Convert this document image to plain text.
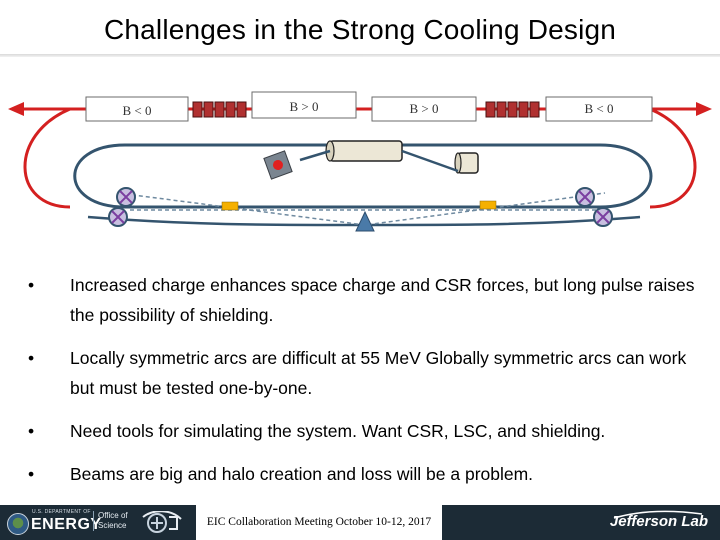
Challenges in the Strong Cooling Design
B < 0	B > 0	B > 0	B < 0
• Increased charge enhances space charge and CSR forces, but long pulse raises the possibility of shielding.
• Locally symmetric arcs are difficult at 55 MeV Globally symmetric arcs can work but must be tested one-by-one.
• Need tools for simulating the system. Want CSR, LSC, and shielding.
• Beams are big and halo creation and loss will be a problem.
U.S. DEPARTMENT OF
ENERGY
Office of
Science	EIC Collaboration Meeting October 10-12, 2017	Jefferson Lab
